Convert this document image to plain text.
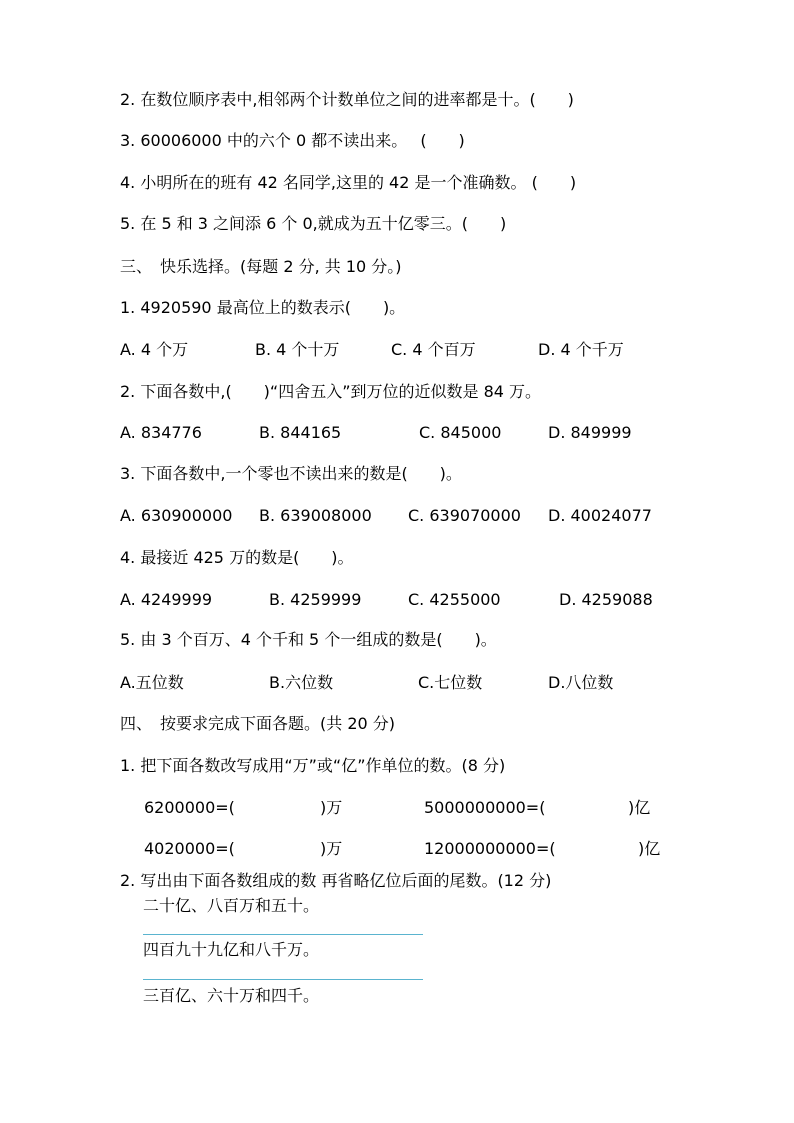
2. 在数位顺序表中,相邻两个计数单位之间的进率都是十。(　　)
3. 60006000 中的六个 0 都不读出来。　 (　　)
4. 小明所在的班有 42 名同学,这里的 42 是一个准确数。 (　　)
5. 在 5 和 3 之间添 6 个 0,就成为五十亿零三。(　　)
三、　快乐选择。(每题 2 分, 共 10 分。)
1. 4920590 最高位上的数表示(　　)。
A. 4 个万	B. 4 个十万	C. 4 个百万	D. 4 个千万
2. 下面各数中,(　　)“四舍五入”到万位的近似数是 84 万。
A. 834776	B. 844165	C. 845000	D. 849999
3. 下面各数中,一个零也不读出来的数是(　　)。
A. 630900000 B. 639008000 C. 639070000 D. 40024077
4. 最接近 425 万的数是(　　)。
A. 4249999	B. 4259999	C. 4255000	D. 4259088
5. 由 3 个百万、4 个千和 5 个一组成的数是(　　)。
A.五位数	B.六位数	C.七位数	D.八位数
四、　按要求完成下面各题。(共 20 分)
1. 把下面各数改写成用“万”或“亿”作单位的数。(8 分)
6200000=(	)万	5000000000=(	)亿
4020000=(	)万	12000000000=(	)亿
2. 写出由下面各数组成的数 再省略亿位后面的尾数。(12 分)
二十亿、八百万和五十。
四百九十九亿和八千万。
三百亿、六十万和四千。
